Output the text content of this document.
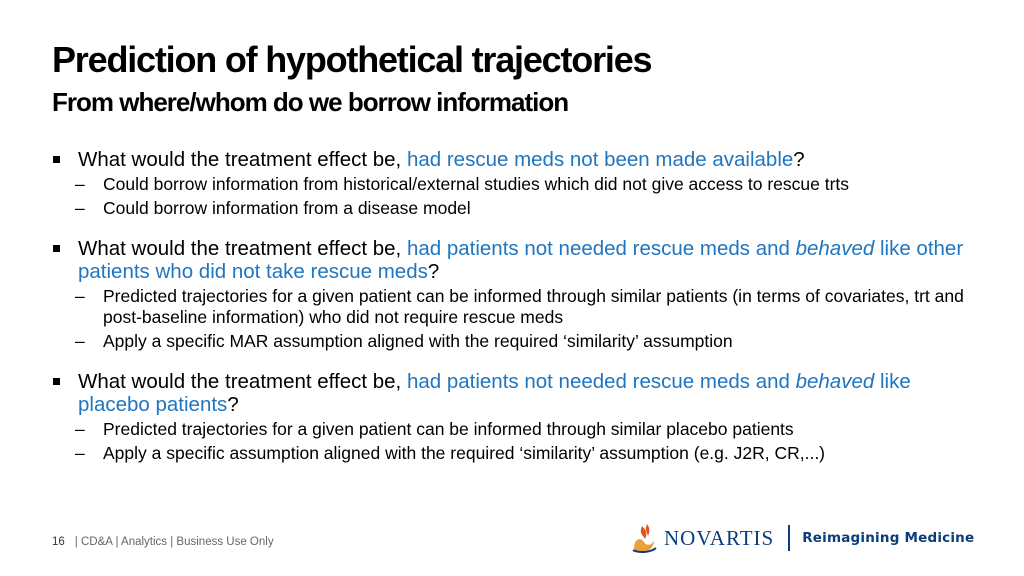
Prediction of hypothetical trajectories
From where/whom do we borrow information
What would the treatment effect be, had rescue meds not been made available?
– Could borrow information from historical/external studies which did not give access to rescue trts
– Could borrow information from a disease model
What would the treatment effect be, had patients not needed rescue meds and behaved like other patients who did not take rescue meds?
– Predicted trajectories for a given patient can be informed through similar patients (in terms of covariates, trt and post-baseline information) who did not require rescue meds
– Apply a specific MAR assumption aligned with the required ‘similarity’ assumption
What would the treatment effect be, had patients not needed rescue meds and behaved like placebo patients?
– Predicted trajectories for a given patient can be informed through similar placebo patients
– Apply a specific assumption aligned with the required ‘similarity’ assumption (e.g. J2R, CR,...)
16 | CD&A | Analytics | Business Use Only	NOVARTIS Reimagining Medicine
